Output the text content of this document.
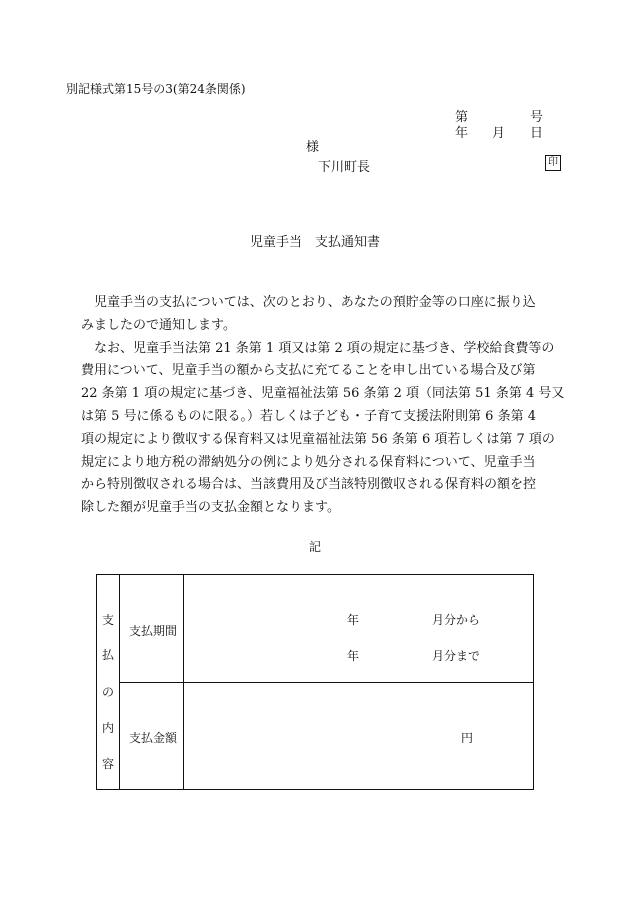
別記様式第15号の3(第24条関係)
第	号
年 月 日
様
下川町長	印
児童手当　支払通知書
児童手当の支払については、次のとおり、あなたの預貯金等の口座に振り込
みましたので通知します。
なお、児童手当法第 21 条第 1 項又は第 2 項の規定に基づき、学校給食費等の
費用について、児童手当の額から支払に充てることを申し出ている場合及び第
22 条第 1 項の規定に基づき、児童福祉法第 56 条第 2 項（同法第 51 条第 4 号又
は第 5 号に係るものに限る。）若しくは子ども・子育て支援法附則第 6 条第 4
項の規定により徴収する保育料又は児童福祉法第 56 条第 6 項若しくは第 7 項の
規定により地方税の滞納処分の例により処分される保育料について、児童手当
から特別徴収される場合は、当該費用及び当該特別徴収される保育料の額を控
除した額が児童手当の支払金額となります。
記
支
払
の
内
容
支払期間
年	月分から
年	月分まで
支払金額	円
